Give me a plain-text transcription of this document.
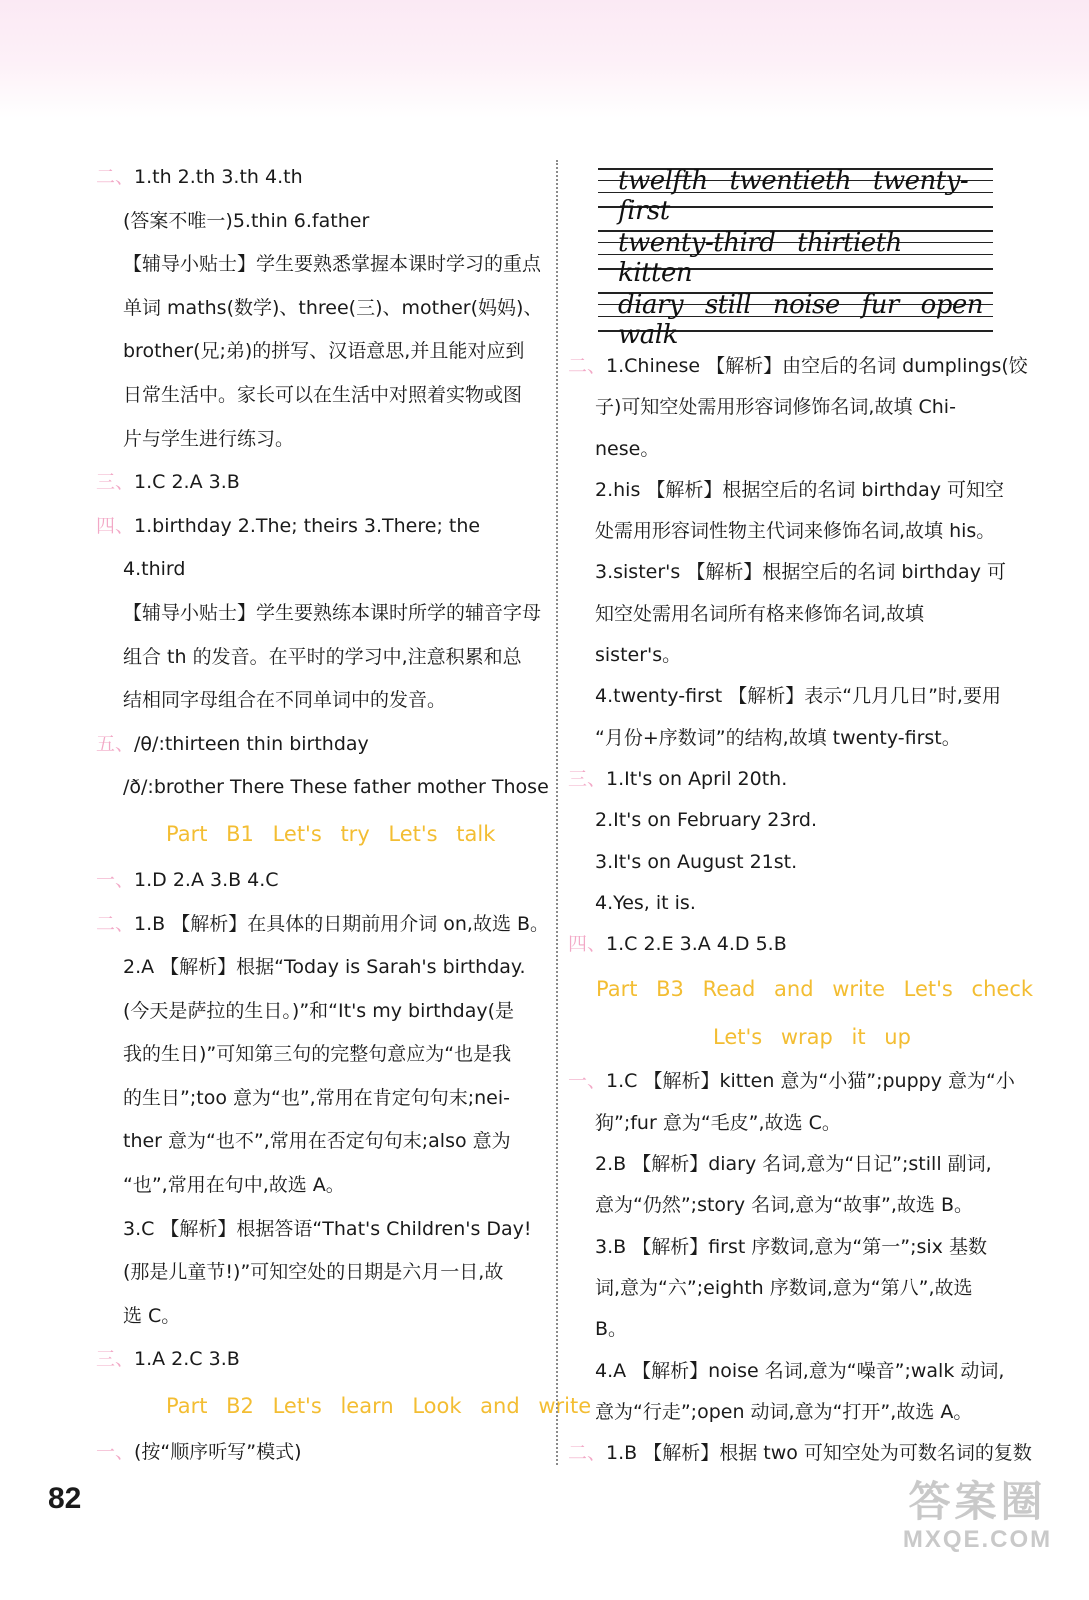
二、1.th 2.th 3.th 4.th
(答案不唯一)5.thin 6.father
【辅导小贴士】学生要熟悉掌握本课时学习的重点
单词 maths(数学)、three(三)、mother(妈妈)、
brother(兄;弟)的拼写、汉语意思,并且能对应到
日常生活中。家长可以在生活中对照着实物或图
片与学生进行练习。
三、1.C 2.A 3.B
四、1.birthday 2.The; theirs 3.There; the
4.third
【辅导小贴士】学生要熟练本课时所学的辅音字母
组合 th 的发音。在平时的学习中,注意积累和总
结相同字母组合在不同单词中的发音。
五、/θ/:thirteen thin birthday
/ð/:brother There These father mother Those
Part B1 Let's try Let's talk
一、1.D 2.A 3.B 4.C
二、1.B 【解析】在具体的日期前用介词 on,故选 B。
2.A 【解析】根据“Today is Sarah's birthday.
(今天是萨拉的生日。)”和“It's my birthday(是
我的生日)”可知第三句的完整句意应为“也是我
的生日”;too 意为“也”,常用在肯定句句末;nei-
ther 意为“也不”,常用在否定句句末;also 意为
“也”,常用在句中,故选 A。
3.C 【解析】根据答语“That's Children's Day!
(那是儿童节!)”可知空处的日期是六月一日,故
选 C。
三、1.A 2.C 3.B
Part B2 Let's learn Look and write
一、(按“顺序听写”模式)
twelfth twentieth twenty-first
twenty-third thirtieth kitten
diary still noise fur open walk
二、1.Chinese 【解析】由空后的名词 dumplings(饺
子)可知空处需用形容词修饰名词,故填 Chi-
nese。
2.his 【解析】根据空后的名词 birthday 可知空
处需用形容词性物主代词来修饰名词,故填 his。
3.sister's 【解析】根据空后的名词 birthday 可
知空处需用名词所有格来修饰名词,故填
sister's。
4.twenty-first 【解析】表示“几月几日”时,要用
“月份+序数词”的结构,故填 twenty-first。
三、1.It's on April 20th.
2.It's on February 23rd.
3.It's on August 21st.
4.Yes, it is.
四、1.C 2.E 3.A 4.D 5.B
Part B3 Read and write Let's check
Let's wrap it up
一、1.C 【解析】kitten 意为“小猫”;puppy 意为“小
狗”;fur 意为“毛皮”,故选 C。
2.B 【解析】diary 名词,意为“日记”;still 副词,
意为“仍然”;story 名词,意为“故事”,故选 B。
3.B 【解析】first 序数词,意为“第一”;six 基数
词,意为“六”;eighth 序数词,意为“第八”,故选
B。
4.A 【解析】noise 名词,意为“噪音”;walk 动词,
意为“行走”;open 动词,意为“打开”,故选 A。
二、1.B 【解析】根据 two 可知空处为可数名词的复数
82	答案圈
MXQE.COM
